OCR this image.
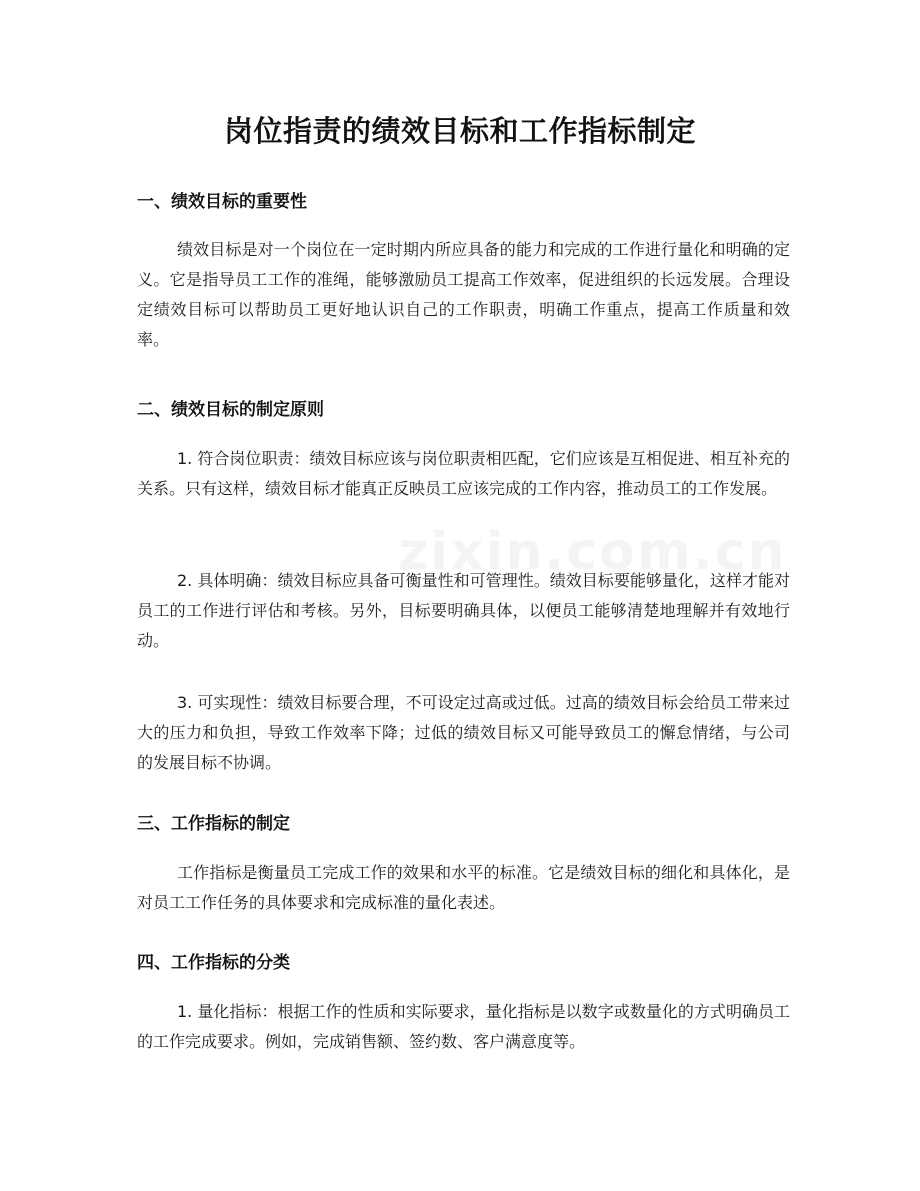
岗位指责的绩效目标和工作指标制定
一、绩效目标的重要性

绩效目标是对一个岗位在一定时期内所应具备的能力和完成的工作进行量化和明确的定义。它是指导员工工作的准绳，能够激励员工提高工作效率，促进组织的长远发展。合理设定绩效目标可以帮助员工更好地认识自己的工作职责，明确工作重点，提高工作质量和效率。

二、绩效目标的制定原则

1. 符合岗位职责：绩效目标应该与岗位职责相匹配，它们应该是互相促进、相互补充的关系。只有这样，绩效目标才能真正反映员工应该完成的工作内容，推动员工的工作发展。

2. 具体明确：绩效目标应具备可衡量性和可管理性。绩效目标要能够量化，这样才能对员工的工作进行评估和考核。另外，目标要明确具体，以便员工能够清楚地理解并有效地行动。

3. 可实现性：绩效目标要合理，不可设定过高或过低。过高的绩效目标会给员工带来过大的压力和负担，导致工作效率下降；过低的绩效目标又可能导致员工的懈怠情绪，与公司的发展目标不协调。

三、工作指标的制定

工作指标是衡量员工完成工作的效果和水平的标准。它是绩效目标的细化和具体化，是对员工工作任务的具体要求和完成标准的量化表述。

四、工作指标的分类

1. 量化指标：根据工作的性质和实际要求，量化指标是以数字或数量化的方式明确员工的工作完成要求。例如，完成销售额、签约数、客户满意度等。
